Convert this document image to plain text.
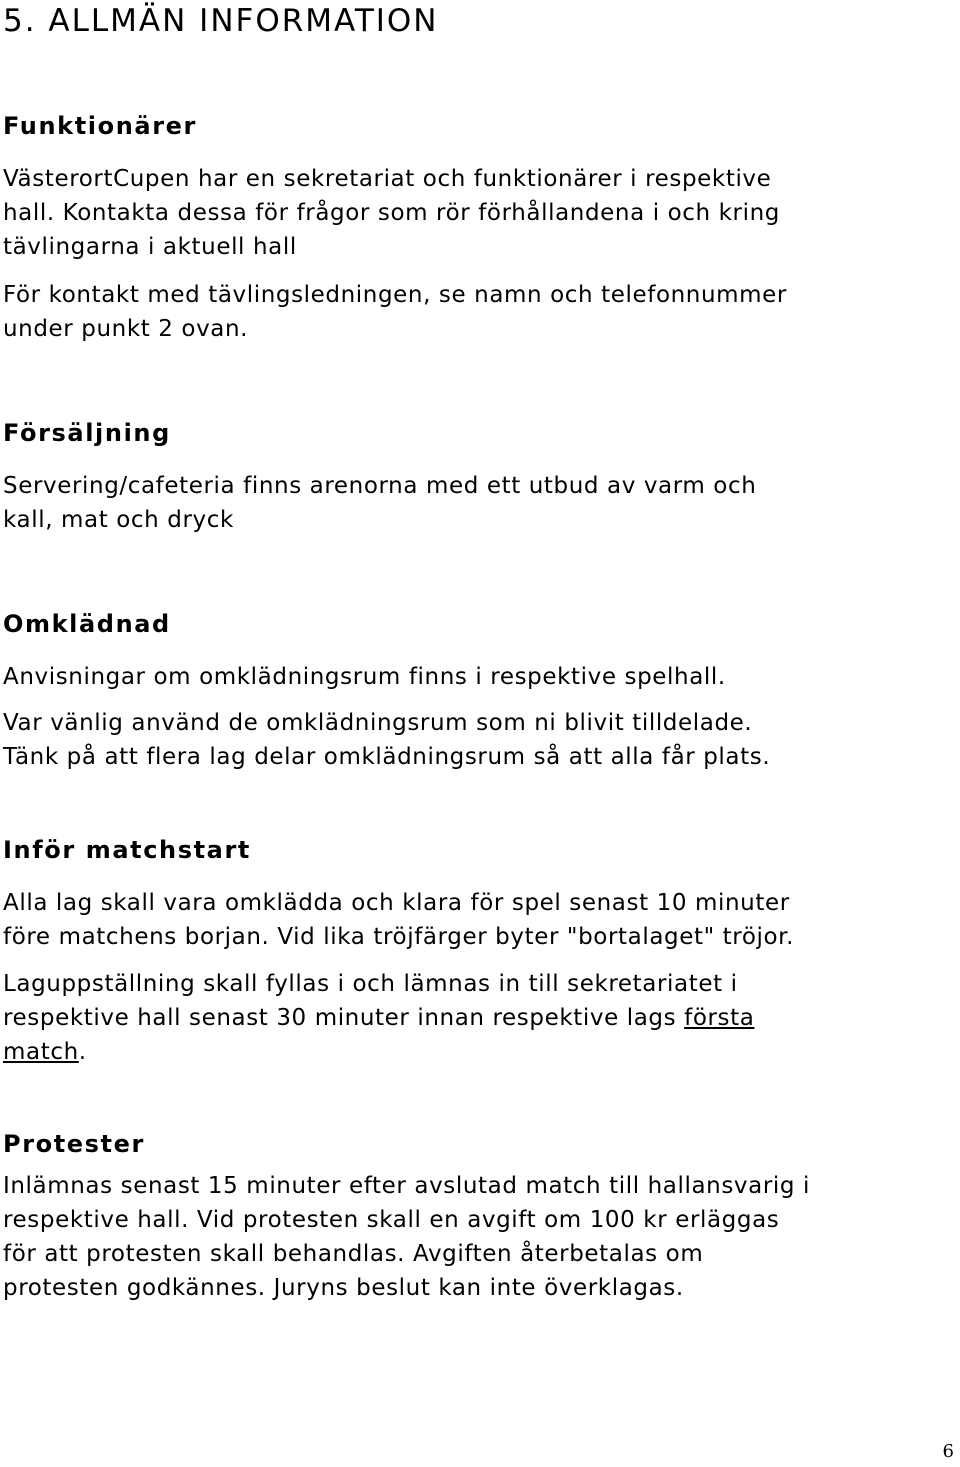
5. ALLMÄN INFORMATION
Funktionärer

VästerortCupen har en sekretariat och funktionärer i respektive
hall. Kontakta dessa för frågor som rör förhållandena i och kring
tävlingarna i aktuell hall

För kontakt med tävlingsledningen, se namn och telefonnummer
under punkt 2 ovan.

Försäljning

Servering/cafeteria finns arenorna med ett utbud av varm och
kall, mat och dryck

Omklädnad

Anvisningar om omklädningsrum finns i respektive spelhall.

Var vänlig använd de omklädningsrum som ni blivit tilldelade.
Tänk på att flera lag delar omklädningsrum så att alla får plats.

Inför matchstart

Alla lag skall vara omklädda och klara för spel senast 10 minuter
före matchens borjan. Vid lika tröjfärger byter "bortalaget" tröjor.

Laguppställning skall fyllas i och lämnas in till sekretariatet i
respektive hall senast 30 minuter innan respektive lags första
match.

Protester

Inlämnas senast 15 minuter efter avslutad match till hallansvarig i
respektive hall. Vid protesten skall en avgift om 100 kr erläggas
för att protesten skall behandlas. Avgiften återbetalas om
protesten godkännes. Juryns beslut kan inte överklagas.

6
